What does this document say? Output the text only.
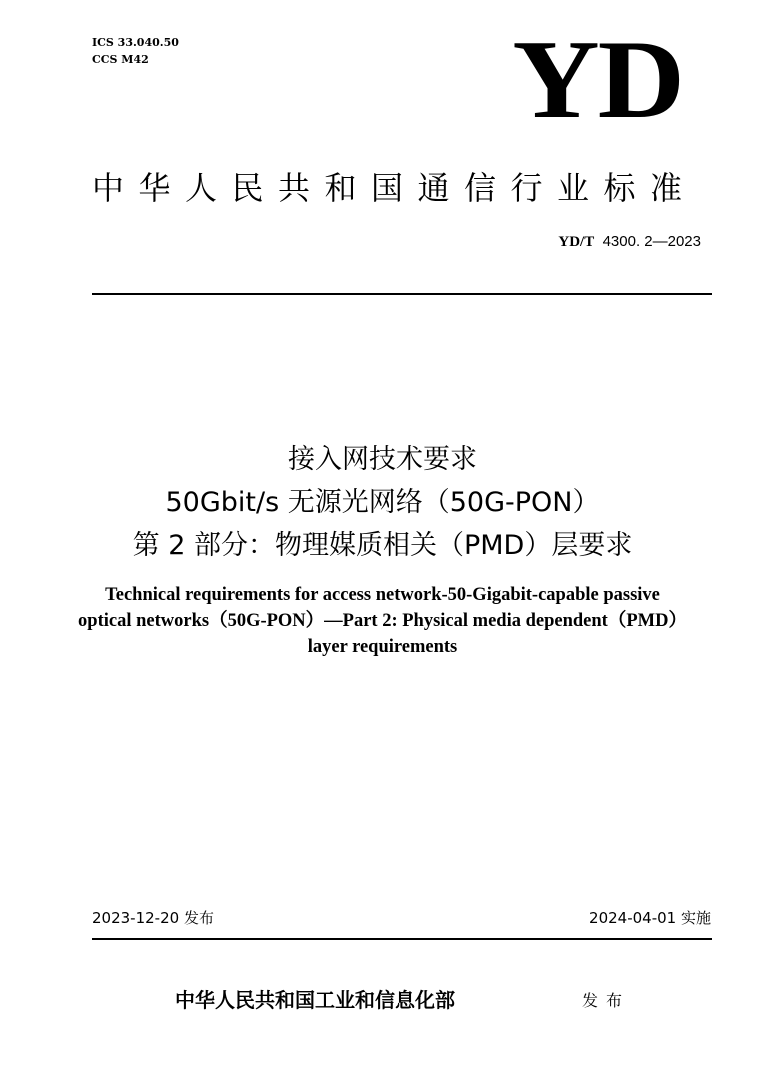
ICS 33.040.50
CCS M42	YD
中华人民共和国通信行业标准
YD/T 4300. 2—2023
接入网技术要求
50Gbit/s 无源光网络（50G-PON）
第 2 部分：物理媒质相关（PMD）层要求
Technical requirements for access network-50-Gigabit-capable passive
optical networks（50G-PON）—Part 2: Physical media dependent（PMD）
layer requirements
2023-12-20 发布	2024-04-01 实施
中华人民共和国工业和信息化部	发布
